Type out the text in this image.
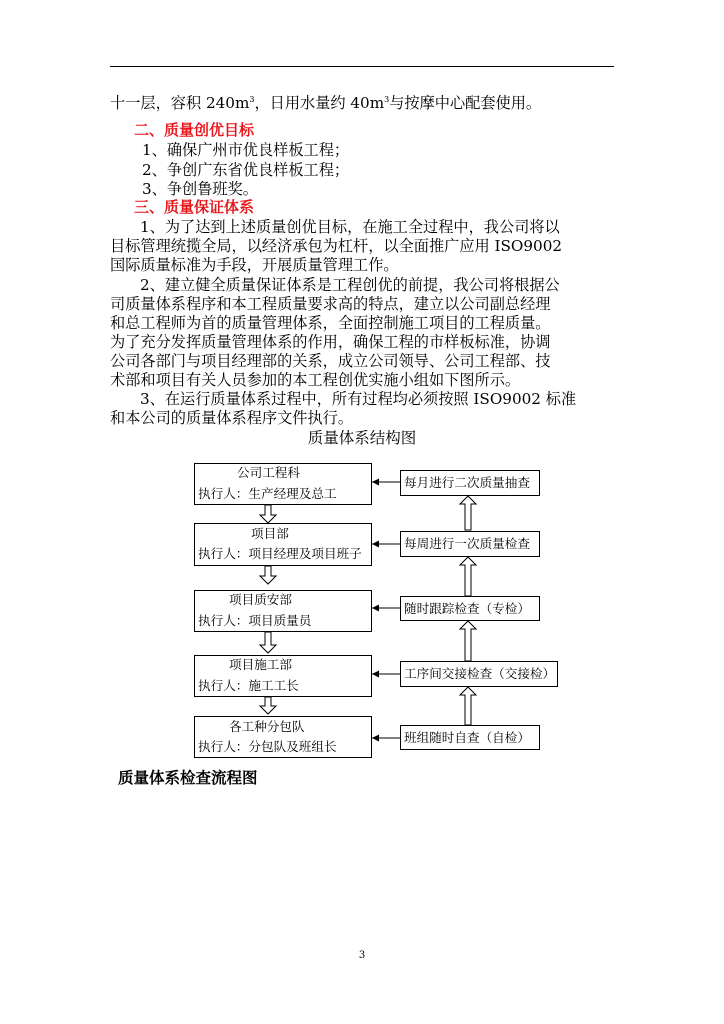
十一层，容积 $240m^3$，日用水量约 $40m^3$与按摩中心配套使用。
二、质量创优目标
1、确保广州市优良样板工程；
2、争创广东省优良样板工程；
3、争创鲁班奖。
三、质量保证体系
1、为了达到上述质量创优目标，在施工全过程中，我公司将以
目标管理统揽全局，以经济承包为杠杆，以全面推广应用 ISO9002
国际质量标准为手段，开展质量管理工作。
2、建立健全质量保证体系是工程创优的前提，我公司将根据公
司质量体系程序和本工程质量要求高的特点，建立以公司副总经理
和总工程师为首的质量管理体系，全面控制施工项目的工程质量。
为了充分发挥质量管理体系的作用，确保工程的市样板标准，协调
公司各部门与项目经理部的关系，成立公司领导、公司工程部、技
术部和项目有关人员参加的本工程创优实施小组如下图所示。
3、在运行质量体系过程中，所有过程均必须按照 ISO9002 标准
和本公司的质量体系程序文件执行。
质量体系结构图
公司工程科
执行人：生产经理及总工
项目部
执行人：项目经理及项目班子
项目质安部
执行人：项目质量员
项目施工部
执行人：施工工长
各工种分包队
执行人：分包队及班组长
每月进行二次质量抽查
每周进行一次质量检查
随时跟踪检查（专检）
工序间交接检查（交接检）
班组随时自查（自检）
质量体系检查流程图
3
